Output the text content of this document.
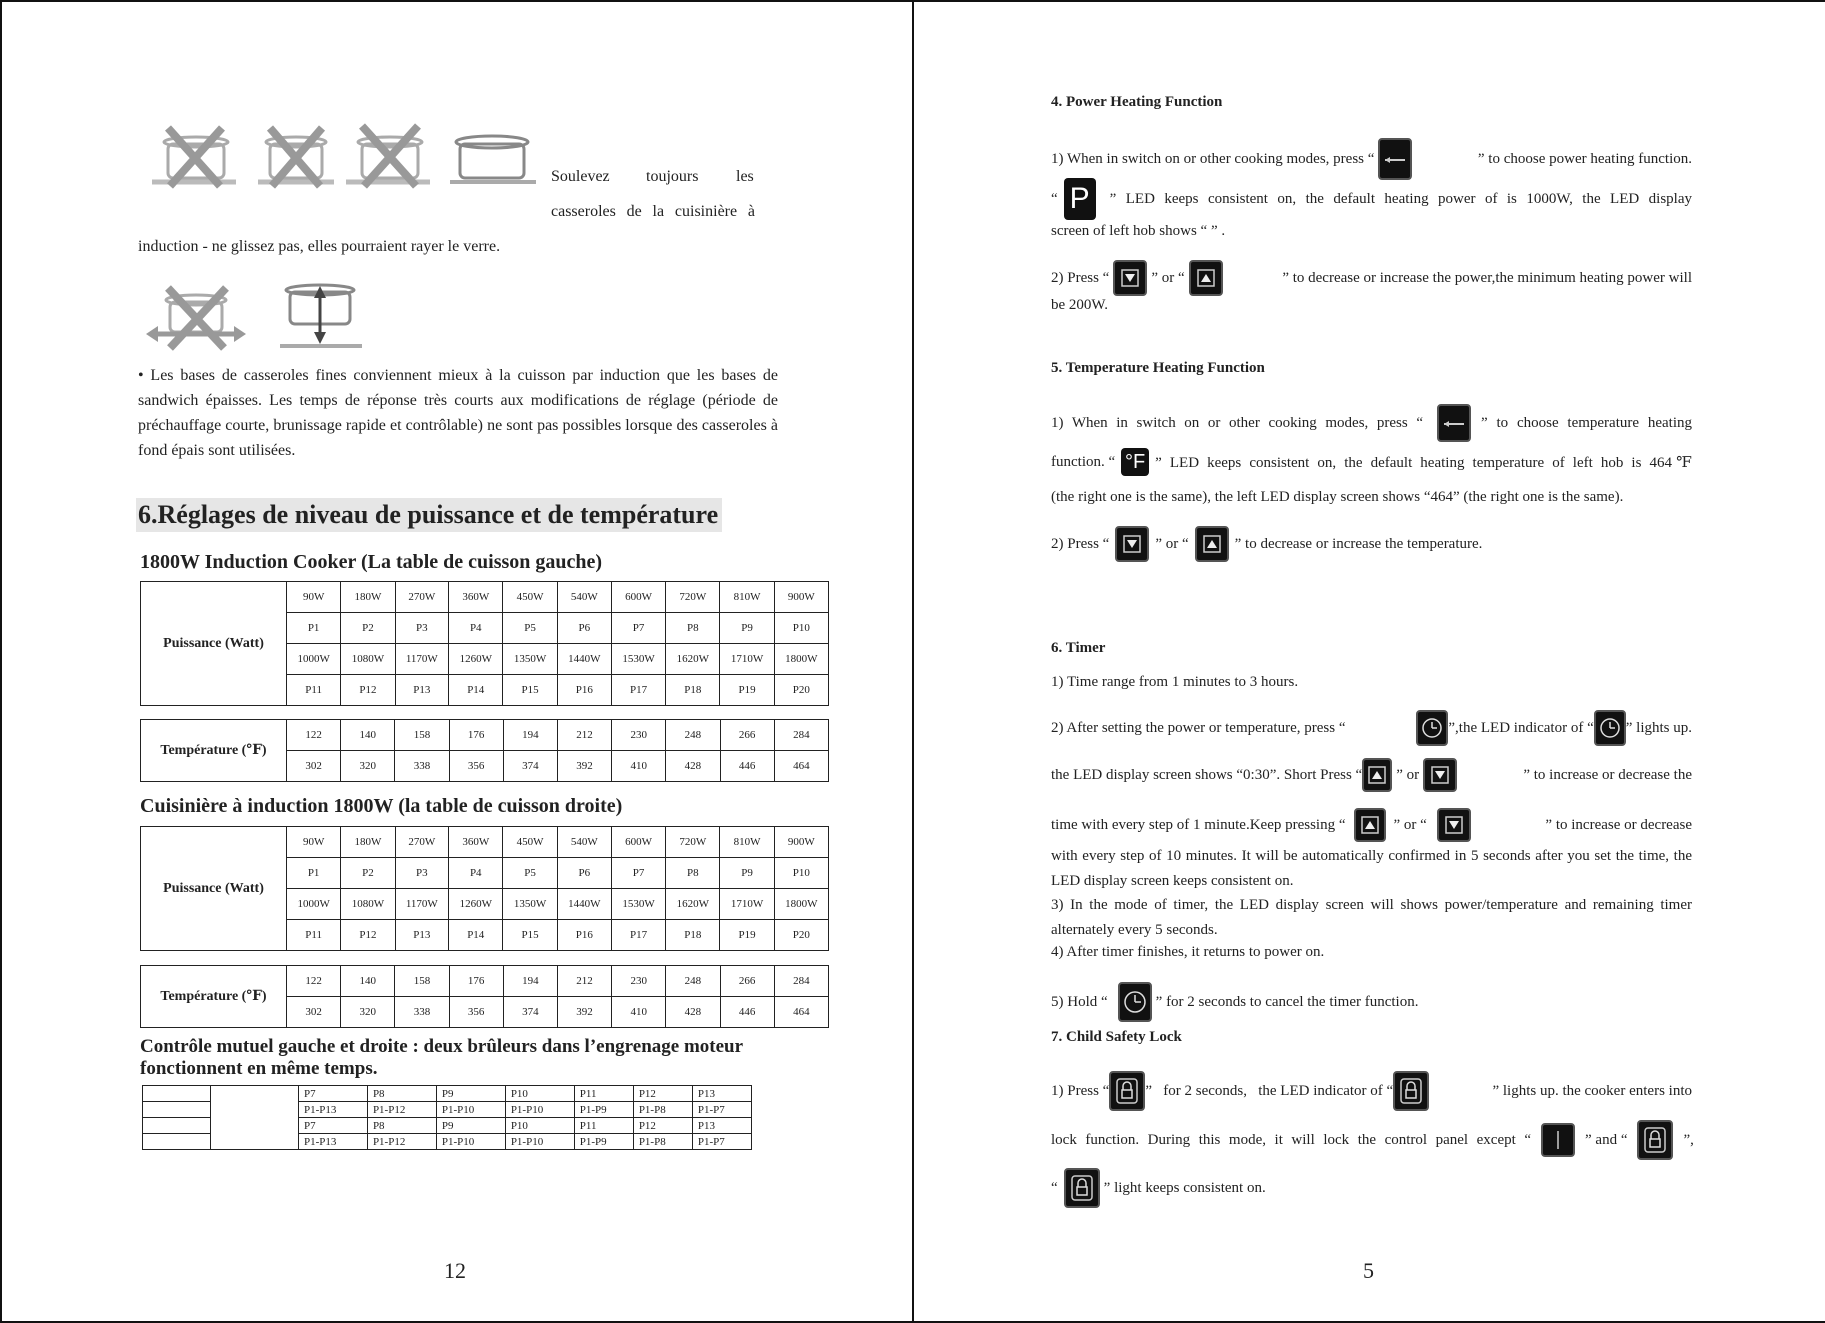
Soulevez toujours les
casseroles de la cuisinière à
induction - ne glissez pas, elles pourraient rayer le verre.
• Les bases de casseroles fines conviennent mieux à la cuisson par induction que les bases de sandwich épaisses. Les temps de réponse très courts aux modifications de réglage (période de préchauffage courte, brunissage rapide et contrôlable) ne sont pas possibles lorsque des casseroles à fond épais sont utilisées.
6.Réglages de niveau de puissance et de température
1800W Induction Cooker (La table de cuisson gauche)
Puissance (Watt)	90W	180W	270W	360W	450W	540W	600W	720W	810W	900W
	P1	P2	P3	P4	P5	P6	P7	P8	P9	P10
	1000W	1080W	1170W	1260W	1350W	1440W	1530W	1620W	1710W	1800W
	P11	P12	P13	P14	P15	P16	P17	P18	P19	P20
Température (℉)	122	140	158	176	194	212	230	248	266	284
	302	320	338	356	374	392	410	428	446	464
Cuisinière à induction 1800W (la table de cuisson droite)
Puissance (Watt)	90W	180W	270W	360W	450W	540W	600W	720W	810W	900W
	P1	P2	P3	P4	P5	P6	P7	P8	P9	P10
	1000W	1080W	1170W	1260W	1350W	1440W	1530W	1620W	1710W	1800W
	P11	P12	P13	P14	P15	P16	P17	P18	P19	P20
Température (℉)	122	140	158	176	194	212	230	248	266	284
	302	320	338	356	374	392	410	428	446	464
Contrôle mutuel gauche et droite : deux brûleurs dans l’engrenage moteur fonctionnent en même temps.
		P7	P8	P9	P10	P11	P12	P13
		P1-P13	P1-P12	P1-P10	P1-P10	P1-P9	P1-P8	P1-P7
		P7	P8	P9	P10	P11	P12	P13
		P1-P13	P1-P12	P1-P10	P1-P10	P1-P9	P1-P8	P1-P7
12
4. Power Heating Function
1) When in switch on or other cooking modes, press “	” to choose power heating function.
“ P	” LED keeps consistent on, the default heating power of is 1000W, the LED display
screen of left hob shows “ ” .
2) Press “	” or “	” to decrease or increase the power,the minimum heating power will
be 200W.
5. Temperature Heating Function
1) When in switch on or other cooking modes, press “	” to choose temperature heating
function. “ °F ” LED keeps consistent on, the default heating temperature of left hob is 464℉
(the right one is the same), the left LED display screen shows “464” (the right one is the same).
2) Press “	” or “	” to decrease or increase the temperature.
6. Timer
1) Time range from 1 minutes to 3 hours.
2) After setting the power or temperature, press “	”,the LED indicator of “ ” lights up.
the LED display screen shows “0:30”. Short Press “ ” or	” to increase or decrease the
time with every step of 1 minute.Keep pressing “	” or “	” to increase or decrease
with every step of 10 minutes. It will be automatically confirmed in 5 seconds after you set the time, the LED display screen keeps consistent on.
3) In the mode of timer, the LED display screen will shows power/temperature and remaining timer alternately every 5 seconds.
4) After timer finishes, it returns to power on.
5) Hold “	” for 2 seconds to cancel the timer function.
7. Child Safety Lock
1) Press “ ”   for 2 seconds,   the LED indicator of “	” lights up. the cooker enters into
lock function. During this mode, it will lock the control panel except “	” and “	”,
“	” light keeps consistent on.
5
